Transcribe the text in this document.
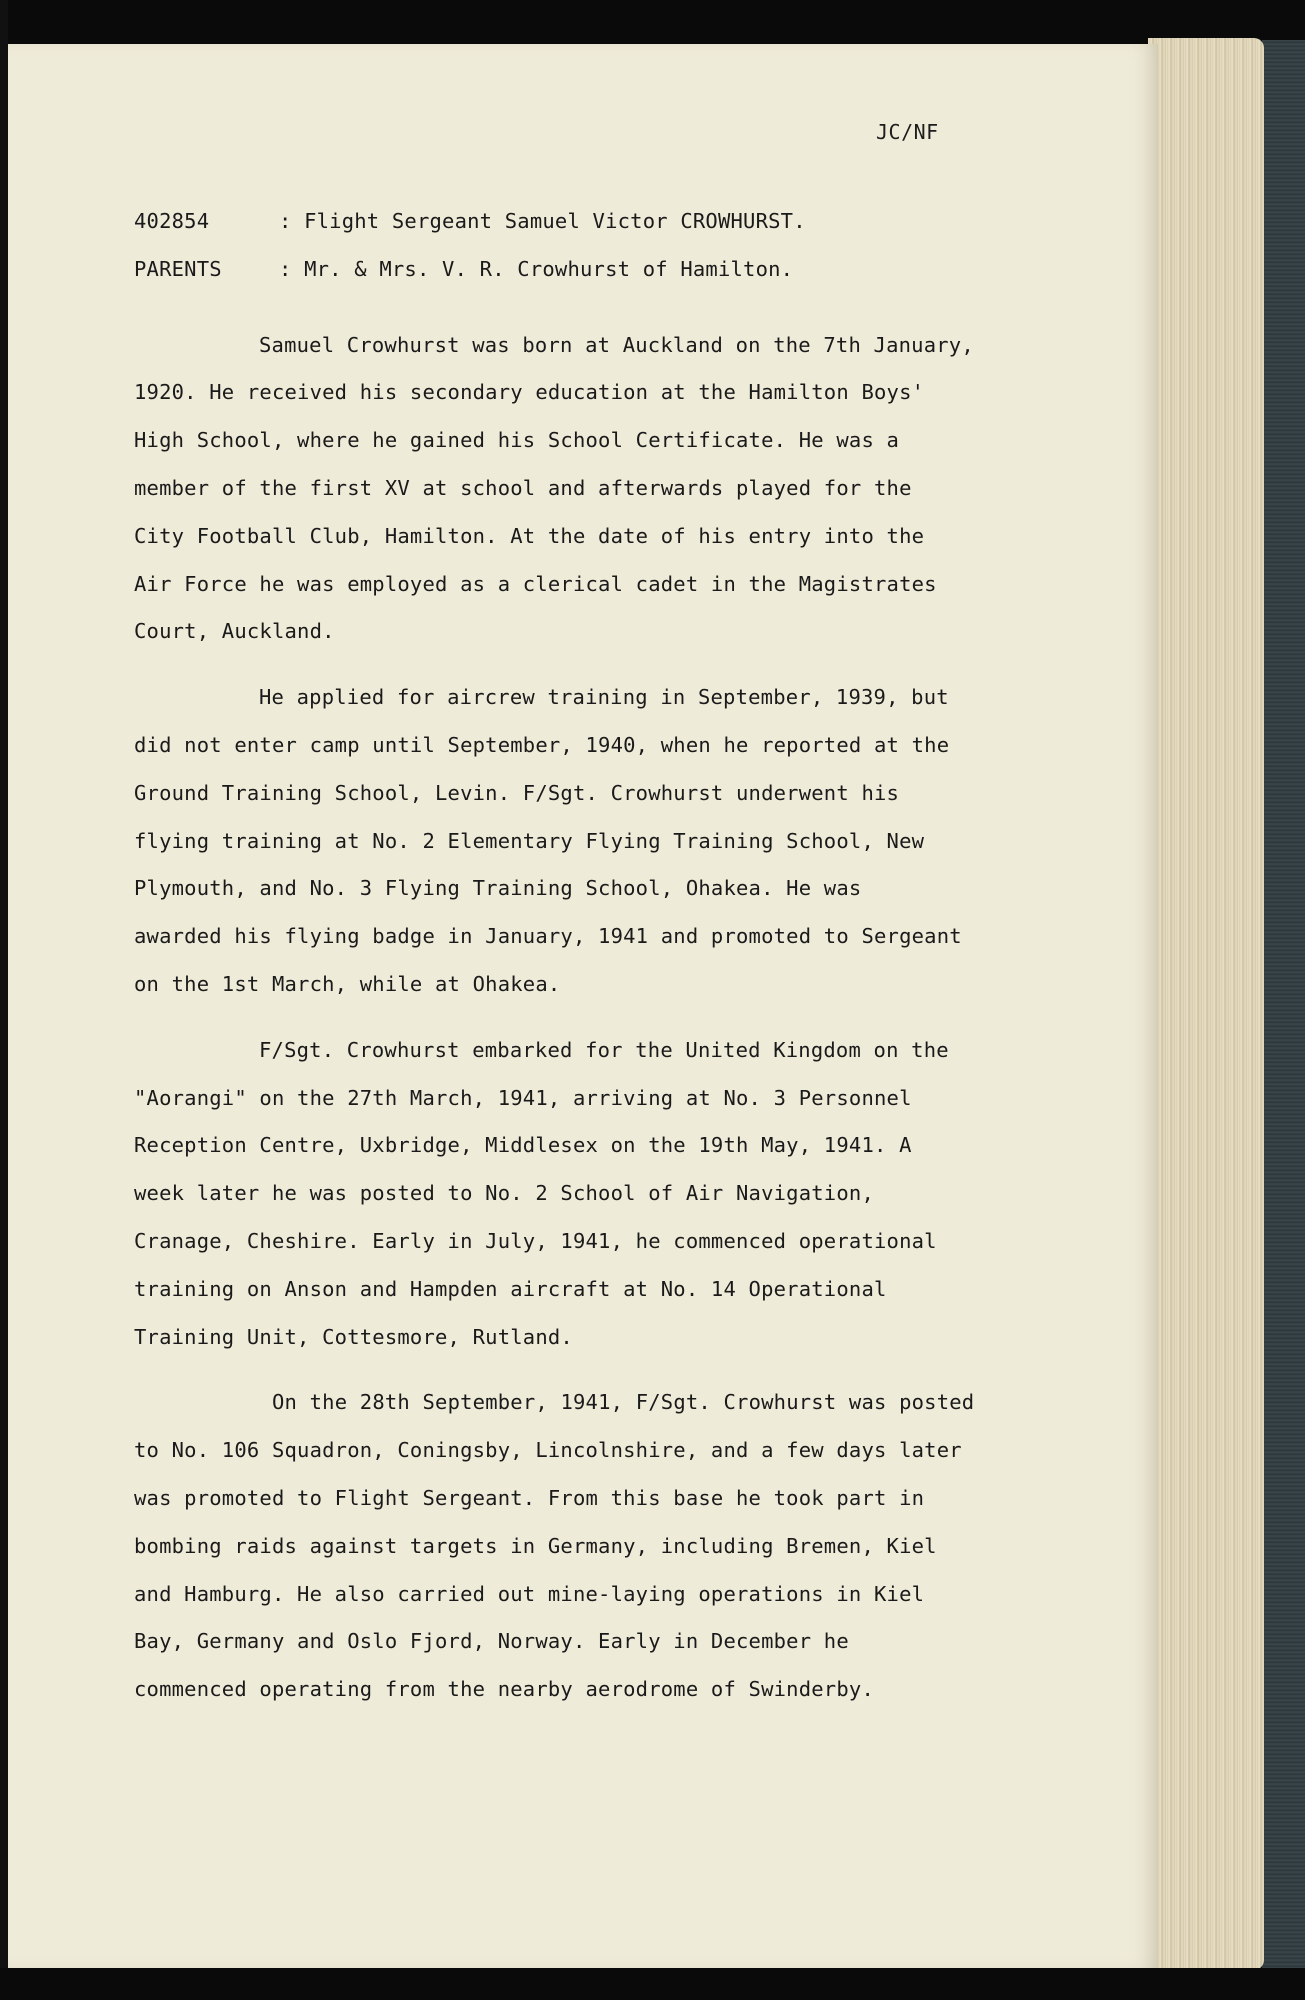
JC/NF
402854	: Flight Sergeant Samuel Victor CROWHURST.
PARENTS	: Mr. & Mrs. V. R. Crowhurst of Hamilton.
Samuel Crowhurst was born at Auckland on the 7th January,
1920. He received his secondary education at the Hamilton Boys'
High School, where he gained his School Certificate. He was a
member of the first XV at school and afterwards played for the
City Football Club, Hamilton. At the date of his entry into the
Air Force he was employed as a clerical cadet in the Magistrates
Court, Auckland.
He applied for aircrew training in September, 1939, but
did not enter camp until September, 1940, when he reported at the
Ground Training School, Levin. F/Sgt. Crowhurst underwent his
flying training at No. 2 Elementary Flying Training School, New
Plymouth, and No. 3 Flying Training School, Ohakea. He was
awarded his flying badge in January, 1941 and promoted to Sergeant
on the 1st March, while at Ohakea.
F/Sgt. Crowhurst embarked for the United Kingdom on the
"Aorangi" on the 27th March, 1941, arriving at No. 3 Personnel
Reception Centre, Uxbridge, Middlesex on the 19th May, 1941. A
week later he was posted to No. 2 School of Air Navigation,
Cranage, Cheshire. Early in July, 1941, he commenced operational
training on Anson and Hampden aircraft at No. 14 Operational
Training Unit, Cottesmore, Rutland.
On the 28th September, 1941, F/Sgt. Crowhurst was posted
to No. 106 Squadron, Coningsby, Lincolnshire, and a few days later
was promoted to Flight Sergeant. From this base he took part in
bombing raids against targets in Germany, including Bremen, Kiel
and Hamburg. He also carried out mine-laying operations in Kiel
Bay, Germany and Oslo Fjord, Norway. Early in December he
commenced operating from the nearby aerodrome of Swinderby.
